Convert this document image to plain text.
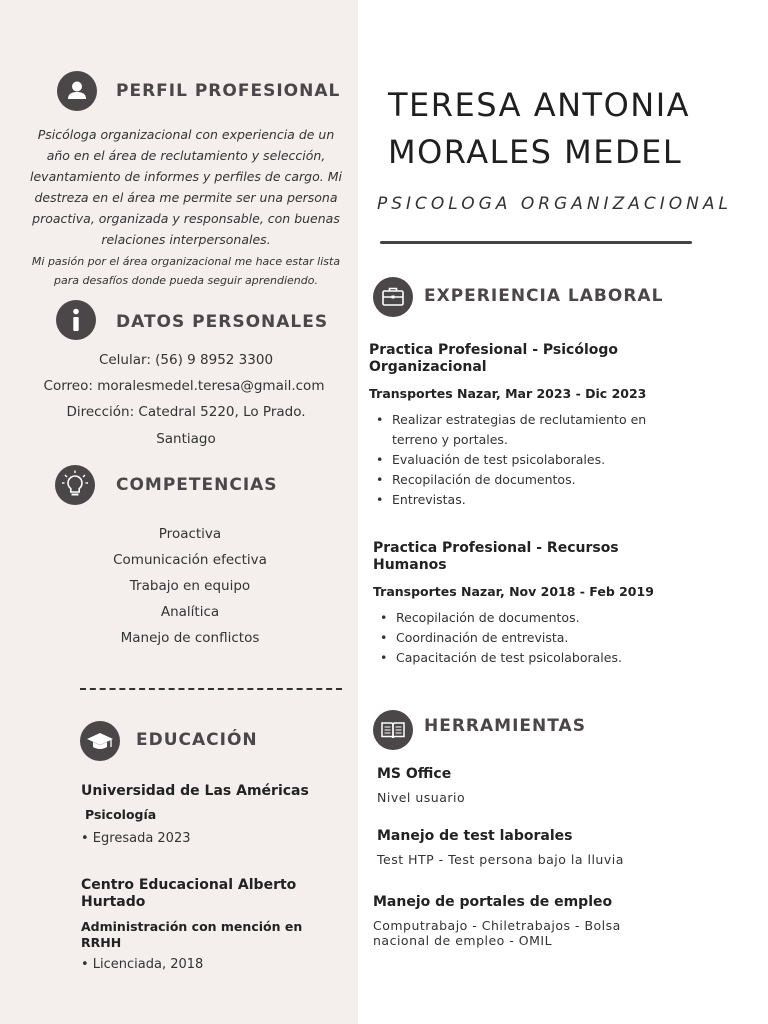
PERFIL PROFESIONAL
Psicóloga organizacional con experiencia de un año en el área de reclutamiento y selección, levantamiento de informes y perfiles de cargo. Mi destreza en el área me permite ser una persona proactiva, organizada y responsable, con buenas relaciones interpersonales.
Mi pasión por el área organizacional me hace estar lista para desafíos donde pueda seguir aprendiendo.
DATOS PERSONALES
Celular: (56) 9 8952 3300
Correo: moralesmedel.teresa@gmail.com
Dirección: Catedral 5220, Lo Prado.
Santiago
COMPETENCIAS
Proactiva
Comunicación efectiva
Trabajo en equipo
Analítica
Manejo de conflictos
EDUCACIÓN
Universidad de Las Américas
Psicología
• Egresada 2023
Centro Educacional Alberto Hurtado
Administración con mención en RRHH
• Licenciada, 2018
TERESA ANTONIA
MORALES MEDEL
PSICOLOGA ORGANIZACIONAL
EXPERIENCIA LABORAL
Practica Profesional - Psicólogo Organizacional
Transportes Nazar, Mar 2023 - Dic 2023
• Realizar estrategias de reclutamiento en terreno y portales.
• Evaluación de test psicolaborales.
• Recopilación de documentos.
• Entrevistas.
Practica Profesional - Recursos Humanos
Transportes Nazar, Nov 2018 - Feb 2019
• Recopilación de documentos.
• Coordinación de entrevista.
• Capacitación de test psicolaborales.
HERRAMIENTAS
MS Office
Nivel usuario
Manejo de test laborales
Test HTP - Test persona bajo la lluvia
Manejo de portales de empleo
Computrabajo - Chiletrabajos - Bolsa nacional de empleo - OMIL
